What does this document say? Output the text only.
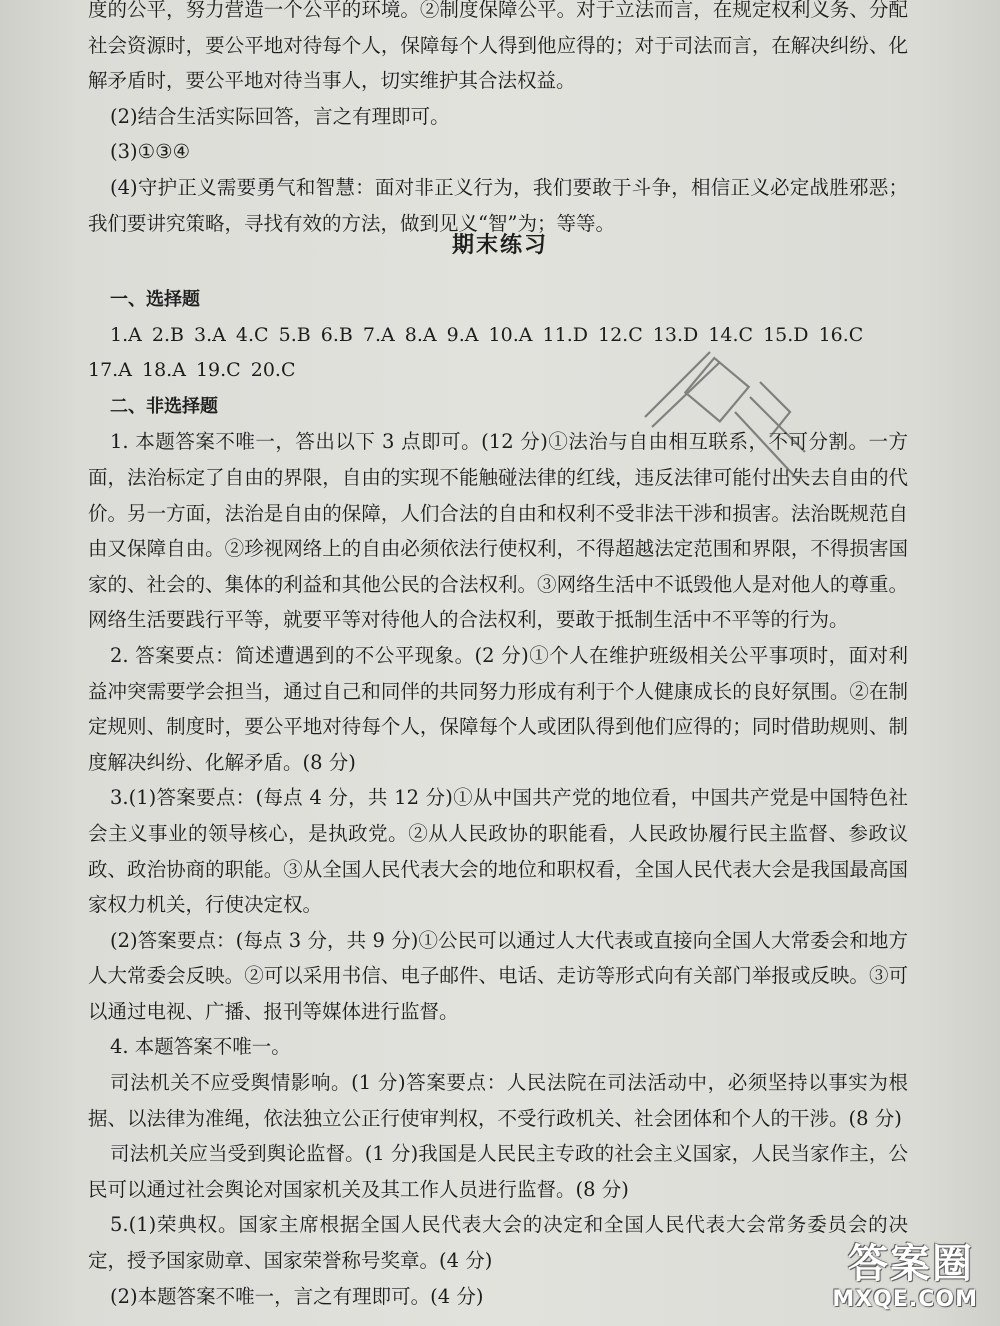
度的公平，努力营造一个公平的环境。②制度保障公平。对于立法而言，在规定权利义务、分配社会资源时，要公平地对待每个人，保障每个人得到他应得的；对于司法而言，在解决纠纷、化解矛盾时，要公平地对待当事人，切实维护其合法权益。

(2)结合生活实际回答，言之有理即可。

(3)①③④

(4)守护正义需要勇气和智慧：面对非正义行为，我们要敢于斗争，相信正义必定战胜邪恶；我们要讲究策略，寻找有效的方法，做到见义“智”为；等等。

期末练习

一、选择题

1.A 2.B 3.A 4.C 5.B 6.B 7.A 8.A 9.A 10.A 11.D 12.C 13.D 14.C 15.D 16.C 17.A 18.A 19.C 20.C

二、非选择题

1. 本题答案不唯一，答出以下 3 点即可。(12 分)①法治与自由相互联系，不可分割。一方面，法治标定了自由的界限，自由的实现不能触碰法律的红线，违反法律可能付出失去自由的代价。另一方面，法治是自由的保障，人们合法的自由和权利不受非法干涉和损害。法治既规范自由又保障自由。②珍视网络上的自由必须依法行使权利，不得超越法定范围和界限，不得损害国家的、社会的、集体的利益和其他公民的合法权利。③网络生活中不诋毁他人是对他人的尊重。网络生活要践行平等，就要平等对待他人的合法权利，要敢于抵制生活中不平等的行为。

2. 答案要点：简述遭遇到的不公平现象。(2 分)①个人在维护班级相关公平事项时，面对利益冲突需要学会担当，通过自己和同伴的共同努力形成有利于个人健康成长的良好氛围。②在制定规则、制度时，要公平地对待每个人，保障每个人或团队得到他们应得的；同时借助规则、制度解决纠纷、化解矛盾。(8 分)

3.(1)答案要点：(每点 4 分，共 12 分)①从中国共产党的地位看，中国共产党是中国特色社会主义事业的领导核心，是执政党。②从人民政协的职能看，人民政协履行民主监督、参政议政、政治协商的职能。③从全国人民代表大会的地位和职权看，全国人民代表大会是我国最高国家权力机关，行使决定权。

(2)答案要点：(每点 3 分，共 9 分)①公民可以通过人大代表或直接向全国人大常委会和地方人大常委会反映。②可以采用书信、电子邮件、电话、走访等形式向有关部门举报或反映。③可以通过电视、广播、报刊等媒体进行监督。

4. 本题答案不唯一。

司法机关不应受舆情影响。(1 分)答案要点：人民法院在司法活动中，必须坚持以事实为根据、以法律为准绳，依法独立公正行使审判权，不受行政机关、社会团体和个人的干涉。(8 分)

司法机关应当受到舆论监督。(1 分)我国是人民民主专政的社会主义国家，人民当家作主，公民可以通过社会舆论对国家机关及其工作人员进行监督。(8 分)

5.(1)荣典权。国家主席根据全国人民代表大会的决定和全国人民代表大会常务委员会的决定，授予国家勋章、国家荣誉称号奖章。(4 分)

(2)本题答案不唯一，言之有理即可。(4 分)

答案圈
MXQE.COM
